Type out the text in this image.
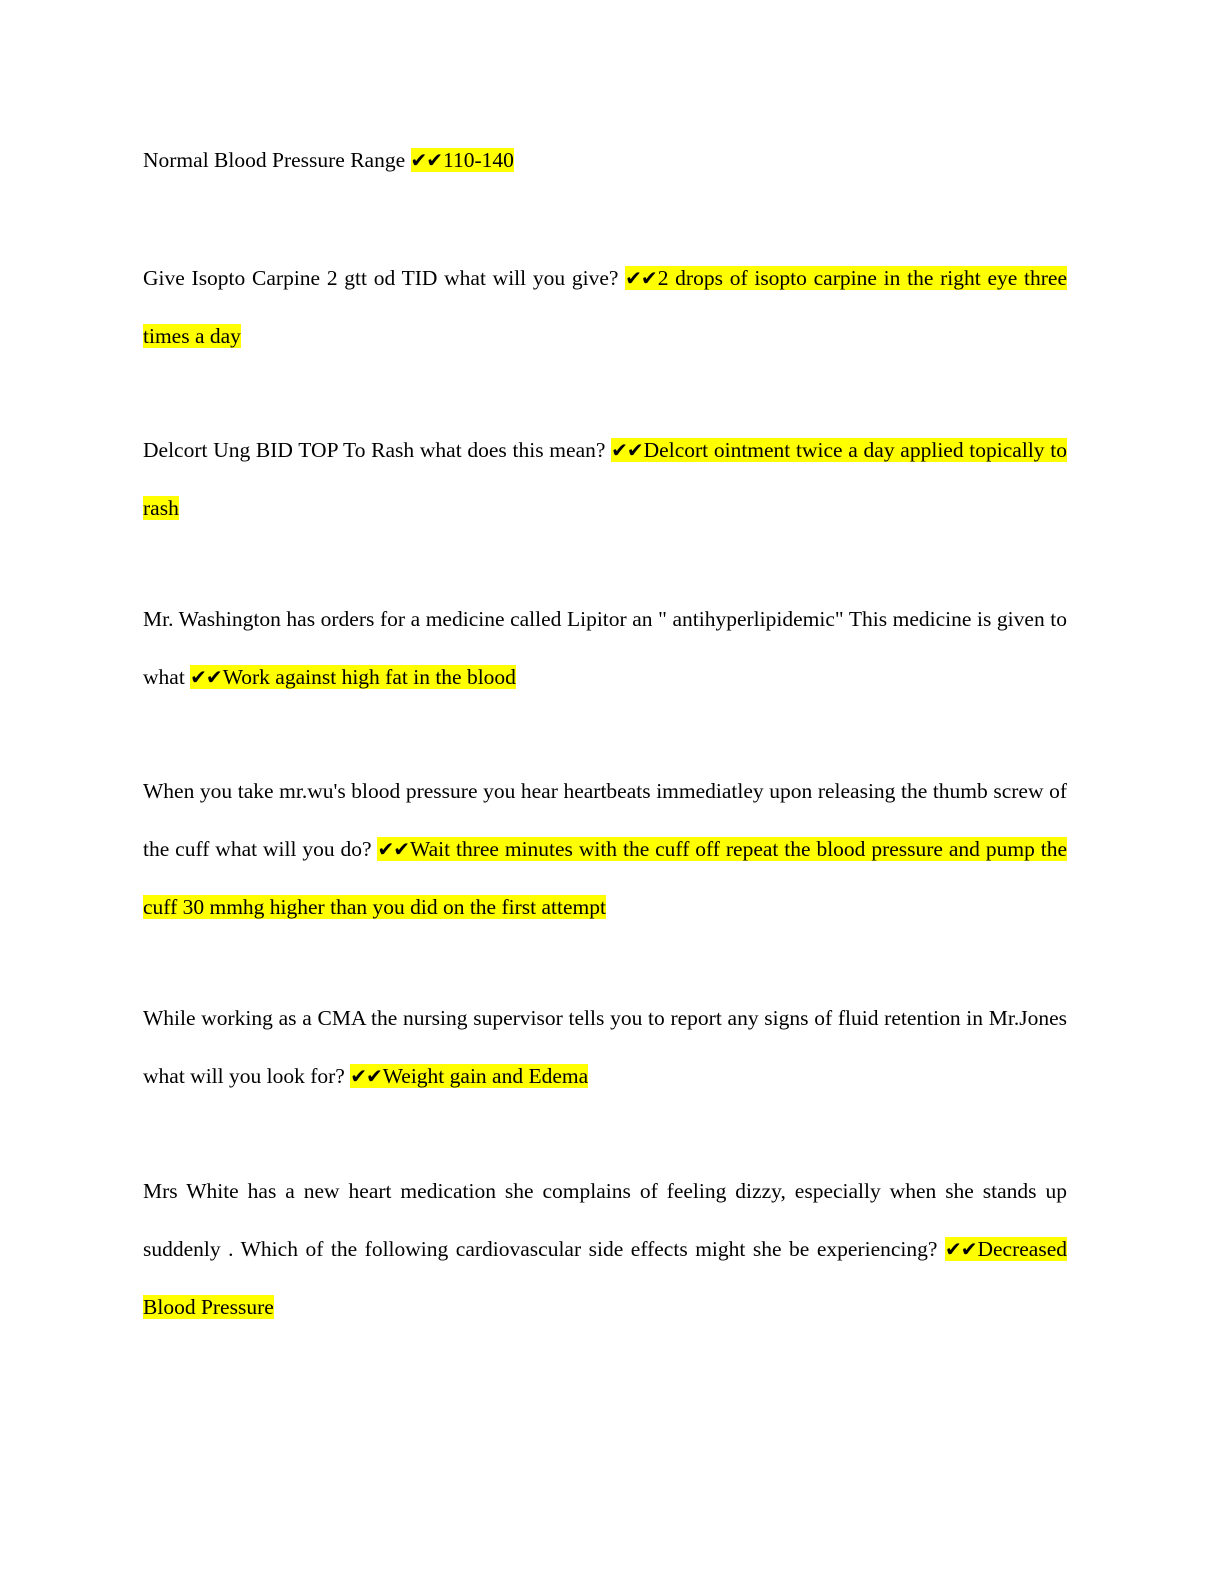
Normal Blood Pressure Range ✔✔110-140

Give Isopto Carpine 2 gtt od TID what will you give? ✔✔2 drops of isopto carpine in the right eye three times a day

Delcort Ung BID TOP To Rash what does this mean? ✔✔Delcort ointment twice a day applied topically to rash

Mr. Washington has orders for a medicine called Lipitor an " antihyperlipidemic" This medicine is given to what ✔✔Work against high fat in the blood

When you take mr.wu's blood pressure you hear heartbeats immediatley upon releasing the thumb screw of the cuff what will you do? ✔✔Wait three minutes with the cuff off repeat the blood pressure and pump the cuff 30 mmhg higher than you did on the first attempt

While working as a CMA the nursing supervisor tells you to report any signs of fluid retention in Mr.Jones what will you look for? ✔✔Weight gain and Edema

Mrs White has a new heart medication she complains of feeling dizzy, especially when she stands up suddenly . Which of the following cardiovascular side effects might she be experiencing? ✔✔Decreased Blood Pressure
